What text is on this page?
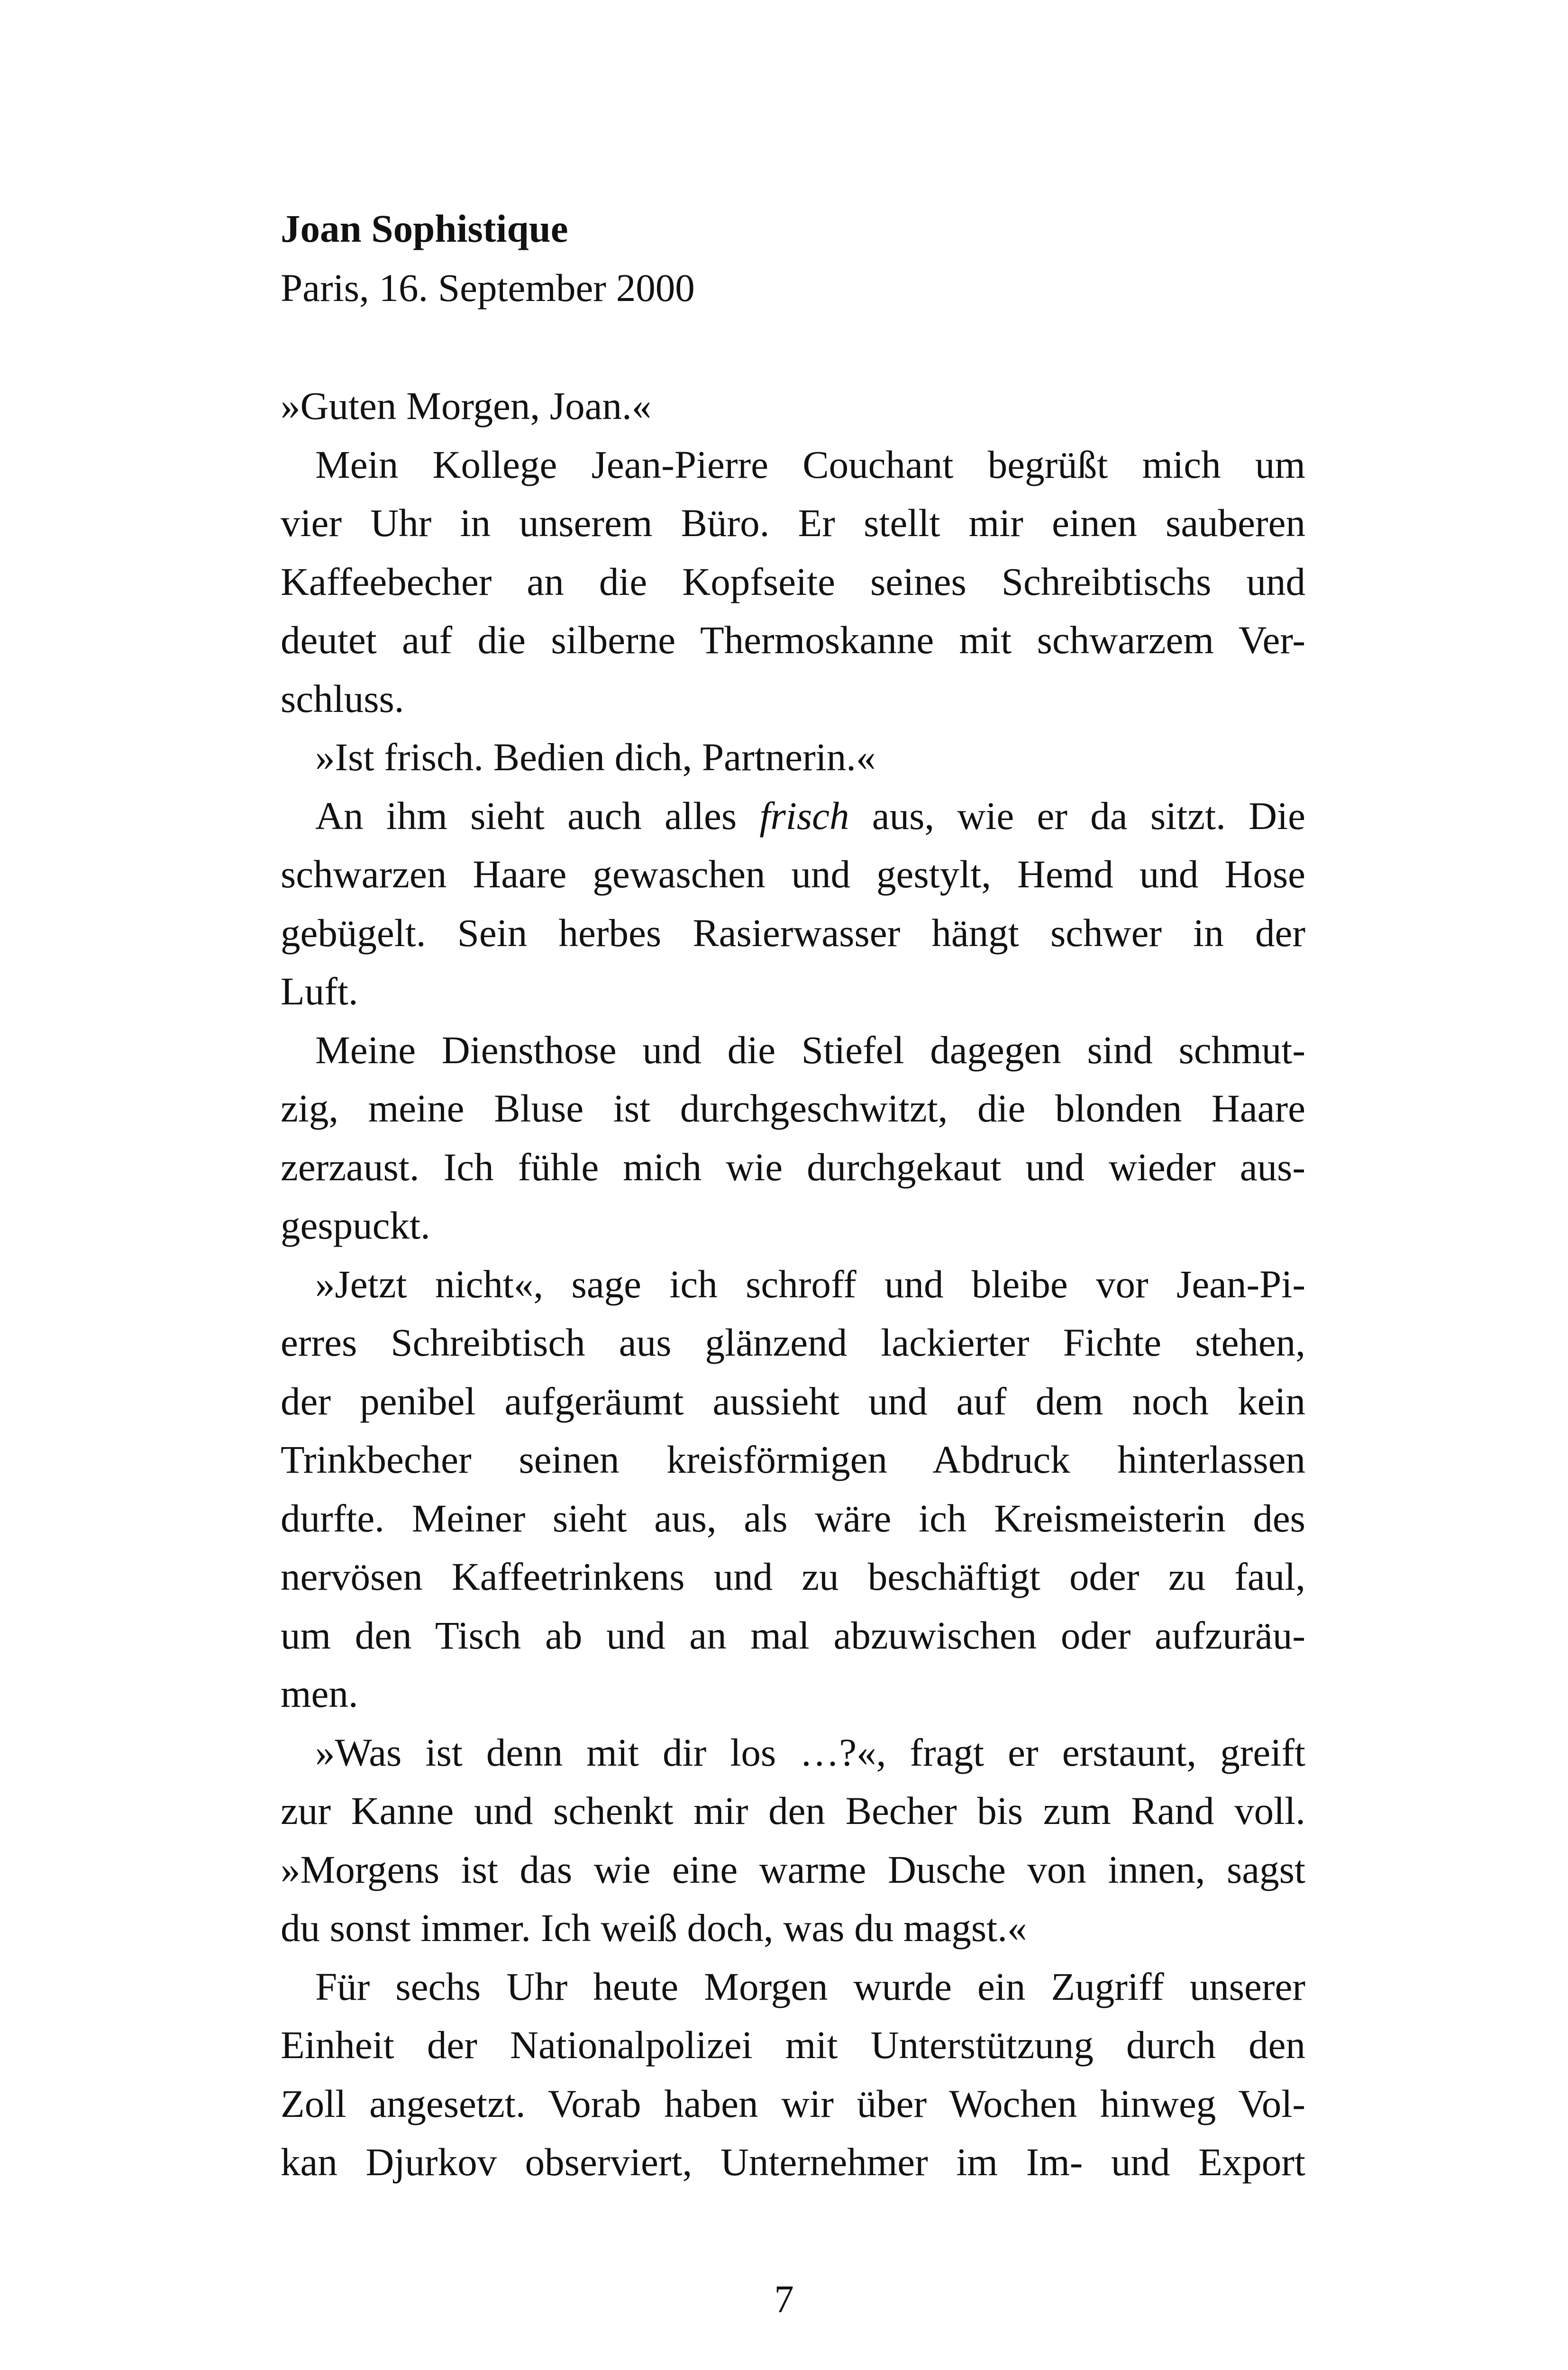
Joan Sophistique

Paris, 16. September 2000

»Guten Morgen, Joan.«
Mein Kollege Jean-Pierre Couchant begrüßt mich um
vier Uhr in unserem Büro. Er stellt mir einen sauberen
Kaffeebecher an die Kopfseite seines Schreibtischs und
deutet auf die silberne Thermoskanne mit schwarzem Ver-
schluss.
»Ist frisch. Bedien dich, Partnerin.«
An ihm sieht auch alles frisch aus, wie er da sitzt. Die
schwarzen Haare gewaschen und gestylt, Hemd und Hose
gebügelt. Sein herbes Rasierwasser hängt schwer in der
Luft.
Meine Diensthose und die Stiefel dagegen sind schmut-
zig, meine Bluse ist durchgeschwitzt, die blonden Haare
zerzaust. Ich fühle mich wie durchgekaut und wieder aus-
gespuckt.
»Jetzt nicht«, sage ich schroff und bleibe vor Jean-Pi-
erres Schreibtisch aus glänzend lackierter Fichte stehen,
der penibel aufgeräumt aussieht und auf dem noch kein
Trinkbecher seinen kreisförmigen Abdruck hinterlassen
durfte. Meiner sieht aus, als wäre ich Kreismeisterin des
nervösen Kaffeetrinkens und zu beschäftigt oder zu faul,
um den Tisch ab und an mal abzuwischen oder aufzuräu-
men.
»Was ist denn mit dir los …?«, fragt er erstaunt, greift
zur Kanne und schenkt mir den Becher bis zum Rand voll.
»Morgens ist das wie eine warme Dusche von innen, sagst
du sonst immer. Ich weiß doch, was du magst.«
Für sechs Uhr heute Morgen wurde ein Zugriff unserer
Einheit der Nationalpolizei mit Unterstützung durch den
Zoll angesetzt. Vorab haben wir über Wochen hinweg Vol-
kan Djurkov observiert, Unternehmer im Im- und Export
7
